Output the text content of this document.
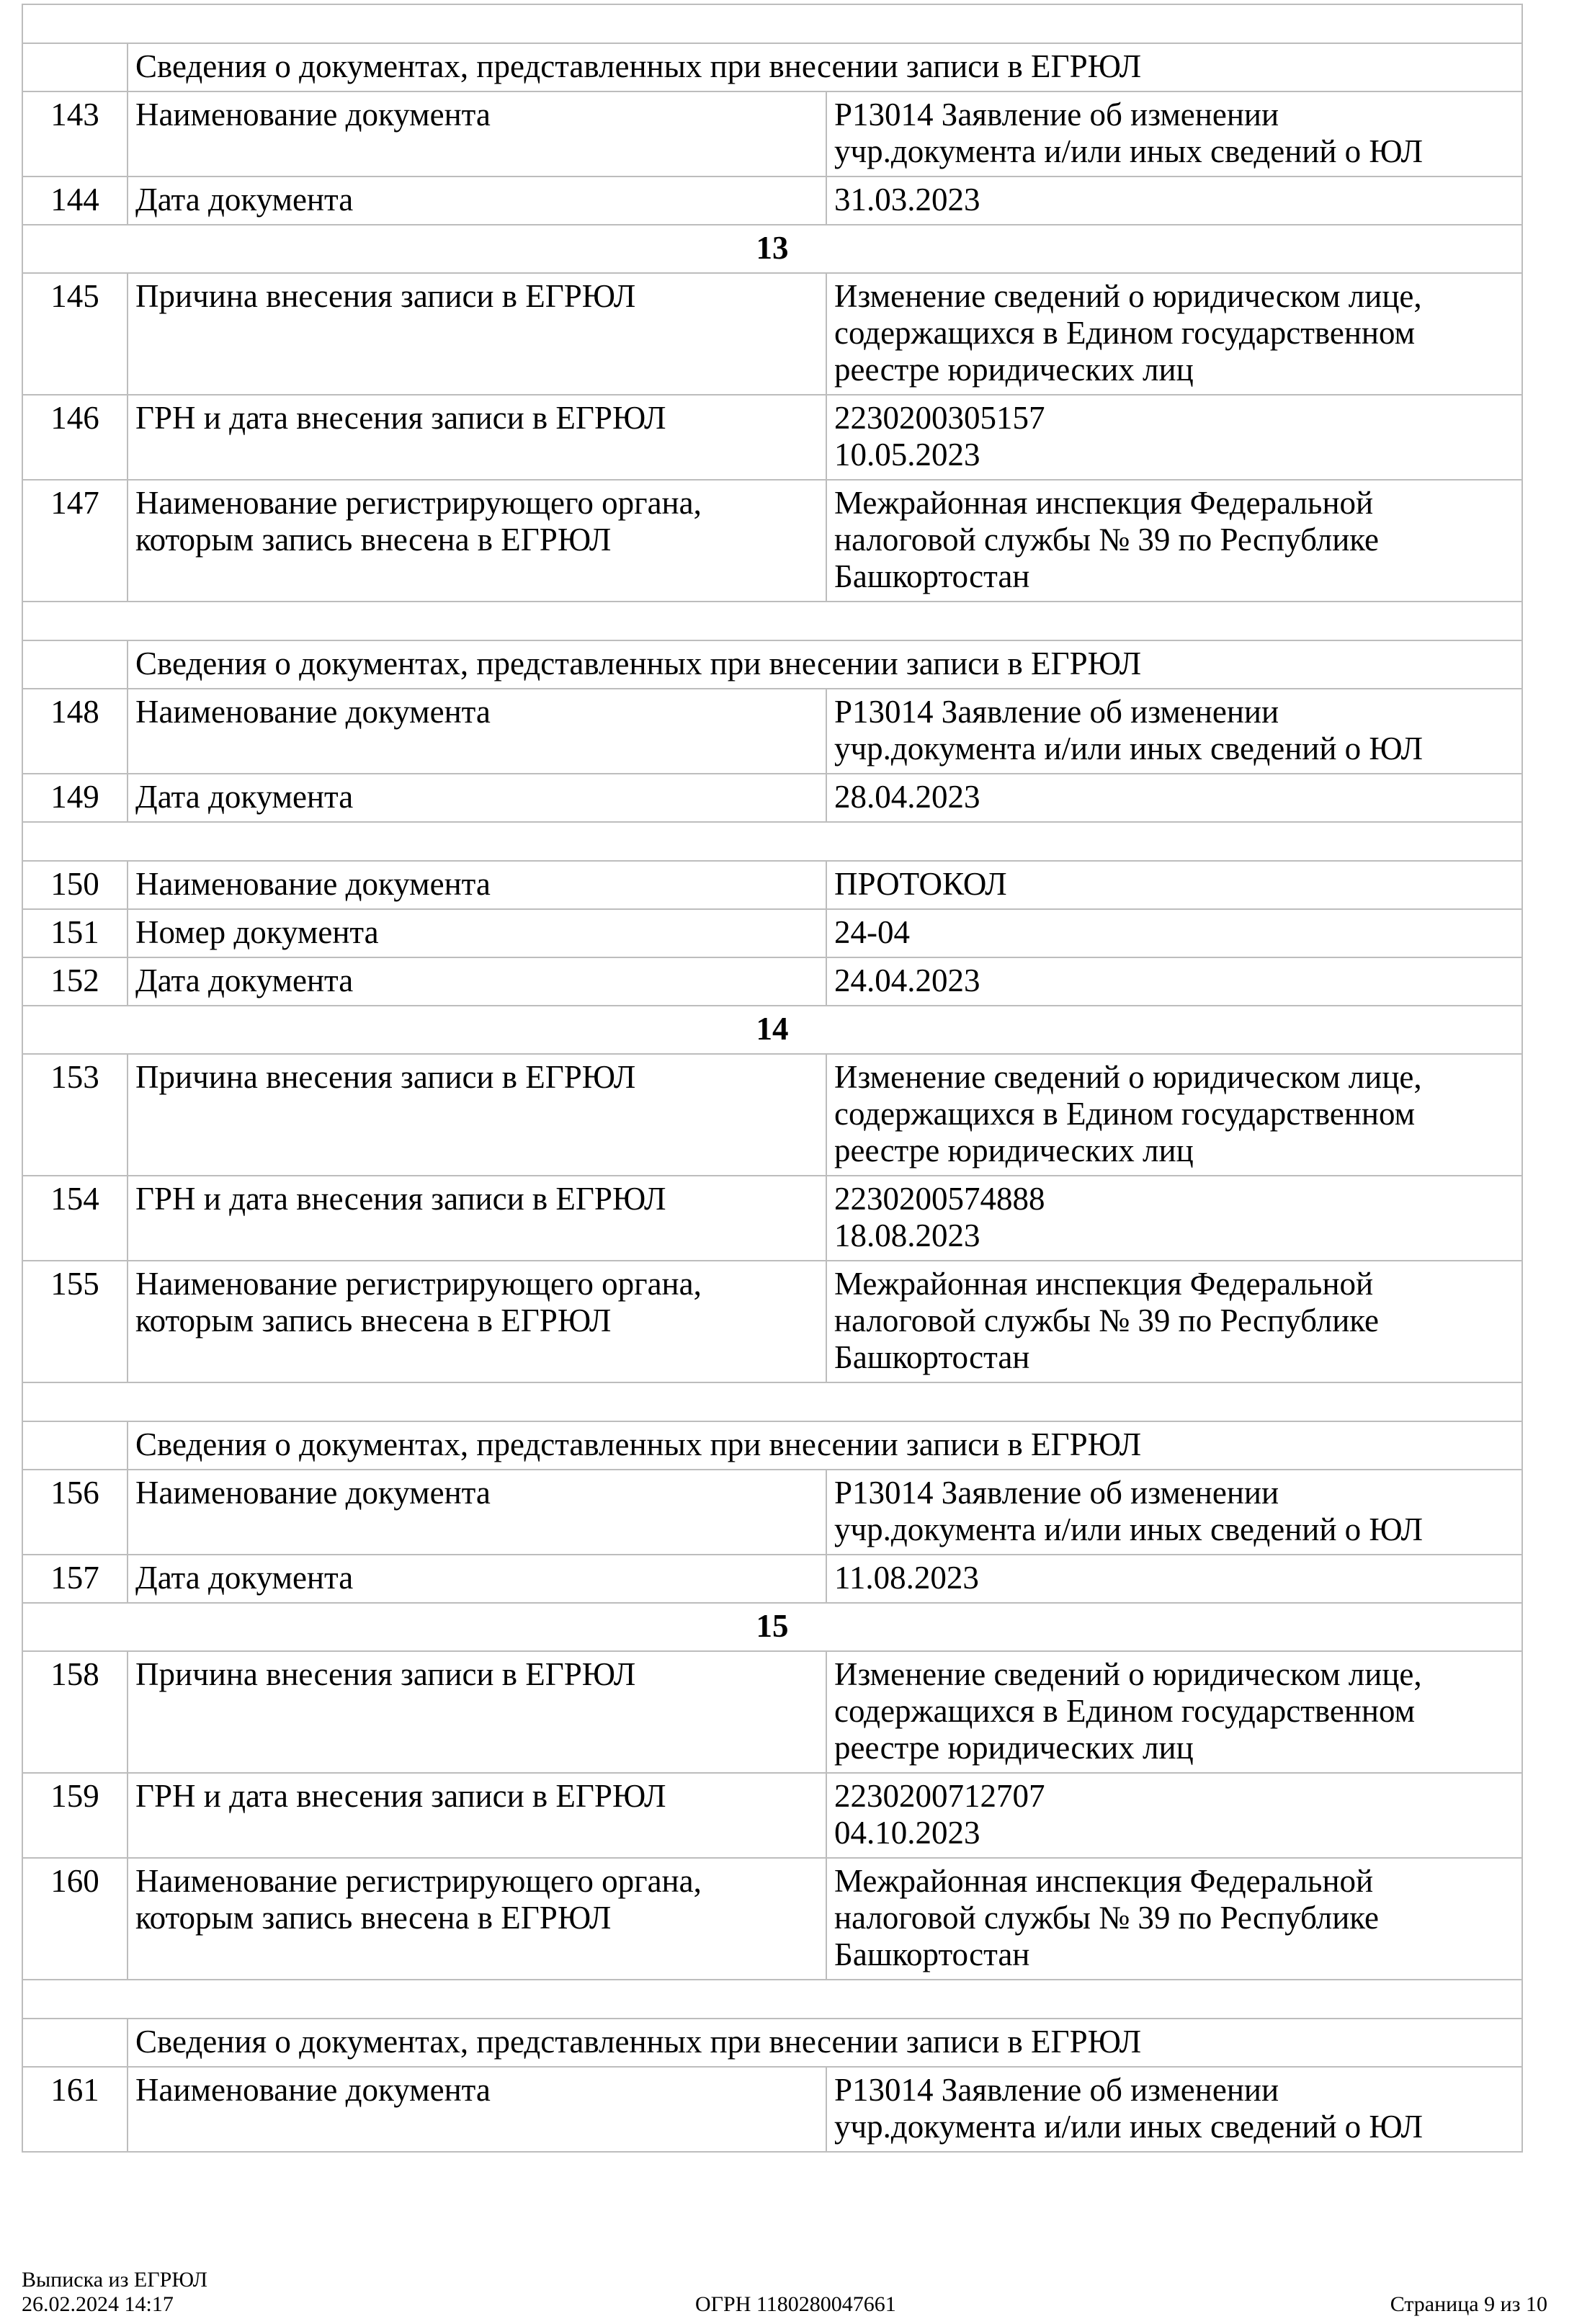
	Сведения о документах, представленных при внесении записи в ЕГРЮЛ	
143	Наименование документа	Р13014 Заявление об изменении
учр.документа и/или иных сведений о ЮЛ
144	Дата документа	31.03.2023
13		
145	Причина внесения записи в ЕГРЮЛ	Изменение сведений о юридическом лице,
содержащихся в Едином государственном
реестре юридических лиц
146	ГРН и дата внесения записи в ЕГРЮЛ	2230200305157
10.05.2023
147	Наименование регистрирующего органа,
которым запись внесена в ЕГРЮЛ	Межрайонная инспекция Федеральной
налоговой службы № 39 по Республике
Башкортостан

	Сведения о документах, представленных при внесении записи в ЕГРЮЛ	
148	Наименование документа	Р13014 Заявление об изменении
учр.документа и/или иных сведений о ЮЛ
149	Дата документа	28.04.2023

150	Наименование документа	ПРОТОКОЛ
151	Номер документа	24-04
152	Дата документа	24.04.2023
14		
153	Причина внесения записи в ЕГРЮЛ	Изменение сведений о юридическом лице,
содержащихся в Едином государственном
реестре юридических лиц
154	ГРН и дата внесения записи в ЕГРЮЛ	2230200574888
18.08.2023
155	Наименование регистрирующего органа,
которым запись внесена в ЕГРЮЛ	Межрайонная инспекция Федеральной
налоговой службы № 39 по Республике
Башкортостан

	Сведения о документах, представленных при внесении записи в ЕГРЮЛ	
156	Наименование документа	Р13014 Заявление об изменении
учр.документа и/или иных сведений о ЮЛ
157	Дата документа	11.08.2023
15		
158	Причина внесения записи в ЕГРЮЛ	Изменение сведений о юридическом лице,
содержащихся в Едином государственном
реестре юридических лиц
159	ГРН и дата внесения записи в ЕГРЮЛ	2230200712707
04.10.2023
160	Наименование регистрирующего органа,
которым запись внесена в ЕГРЮЛ	Межрайонная инспекция Федеральной
налоговой службы № 39 по Республике
Башкортостан

	Сведения о документах, представленных при внесении записи в ЕГРЮЛ	
161	Наименование документа	Р13014 Заявление об изменении
учр.документа и/или иных сведений о ЮЛ
Выписка из ЕГРЮЛ
26.02.2024 14:17	ОГРН 1180280047661	Страница 9 из 10
